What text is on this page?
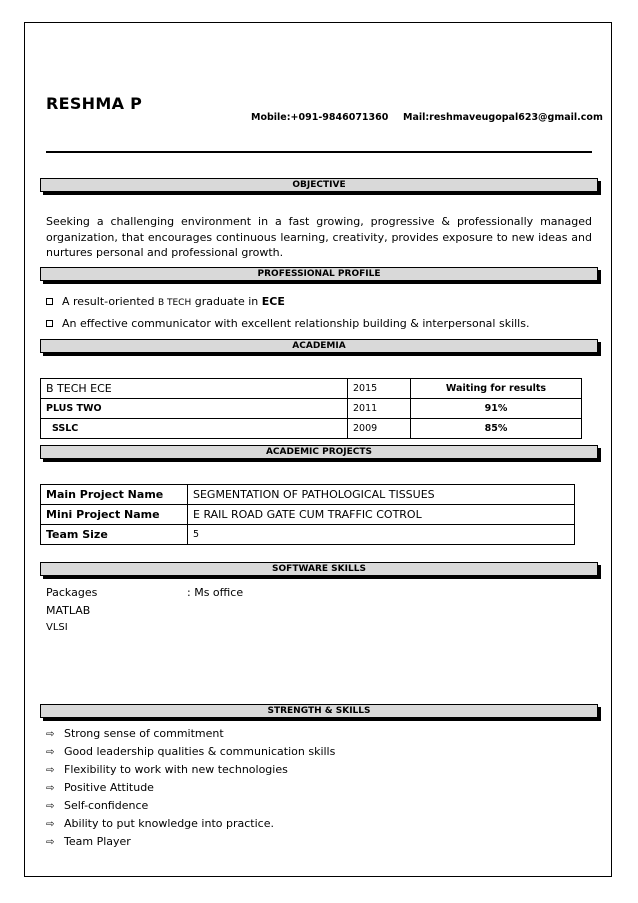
RESHMA P
Mobile:+091-9846071360 Mail:reshmaveugopal623@gmail.com
OBJECTIVE
Seeking a challenging environment in a fast growing, progressive & professionally managed organization, that encourages continuous learning, creativity, provides exposure to new ideas and nurtures personal and professional growth.
PROFESSIONAL PROFILE
A result-oriented B TECH graduate in ECE
An effective communicator with excellent relationship building & interpersonal skills.
ACADEMIA
B TECH ECE	2015	Waiting for results
PLUS TWO	2011	91%
SSLC	2009	85%
ACADEMIC PROJECTS
Main Project Name	SEGMENTATION OF PATHOLOGICAL TISSUES
Mini Project Name	E RAIL ROAD GATE CUM TRAFFIC COTROL
Team Size	5
SOFTWARE SKILLS
Packages	: Ms office
MATLAB
VLSI
STRENGTH & SKILLS
⇨ Strong sense of commitment
⇨ Good leadership qualities & communication skills
⇨ Flexibility to work with new technologies
⇨ Positive Attitude
⇨ Self-confidence
⇨ Ability to put knowledge into practice.
⇨ Team Player
